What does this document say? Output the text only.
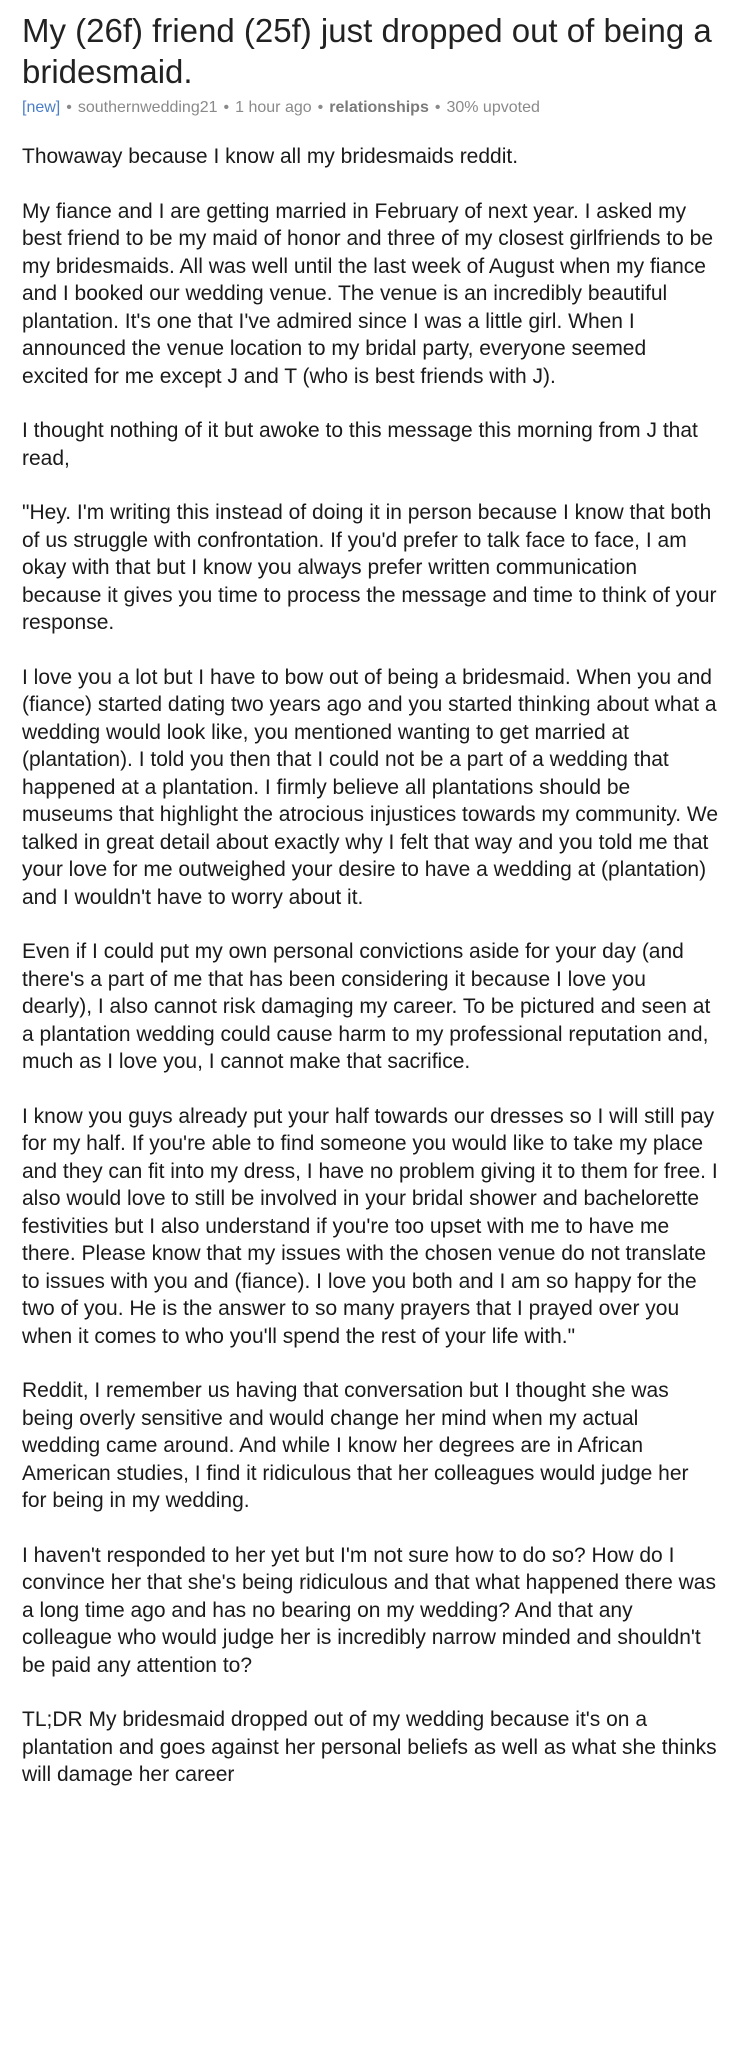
My (26f) friend (25f) just dropped out of being a bridesmaid.
[new] • southernwedding21 • 1 hour ago • relationships • 30% upvoted

Thowaway because I know all my bridesmaids reddit.

My fiance and I are getting married in February of next year. I asked my best friend to be my maid of honor and three of my closest girlfriends to be my bridesmaids. All was well until the last week of August when my fiance and I booked our wedding venue. The venue is an incredibly beautiful plantation. It's one that I've admired since I was a little girl. When I announced the venue location to my bridal party, everyone seemed excited for me except J and T (who is best friends with J).

I thought nothing of it but awoke to this message this morning from J that read,

"Hey. I'm writing this instead of doing it in person because I know that both of us struggle with confrontation. If you'd prefer to talk face to face, I am okay with that but I know you always prefer written communication because it gives you time to process the message and time to think of your response.

I love you a lot but I have to bow out of being a bridesmaid. When you and (fiance) started dating two years ago and you started thinking about what a wedding would look like, you mentioned wanting to get married at (plantation). I told you then that I could not be a part of a wedding that happened at a plantation. I firmly believe all plantations should be museums that highlight the atrocious injustices towards my community. We talked in great detail about exactly why I felt that way and you told me that your love for me outweighed your desire to have a wedding at (plantation) and I wouldn't have to worry about it.

Even if I could put my own personal convictions aside for your day (and there's a part of me that has been considering it because I love you dearly), I also cannot risk damaging my career. To be pictured and seen at a plantation wedding could cause harm to my professional reputation and, much as I love you, I cannot make that sacrifice.

I know you guys already put your half towards our dresses so I will still pay for my half. If you're able to find someone you would like to take my place and they can fit into my dress, I have no problem giving it to them for free. I also would love to still be involved in your bridal shower and bachelorette festivities but I also understand if you're too upset with me to have me there. Please know that my issues with the chosen venue do not translate to issues with you and (fiance). I love you both and I am so happy for the two of you. He is the answer to so many prayers that I prayed over you when it comes to who you'll spend the rest of your life with."

Reddit, I remember us having that conversation but I thought she was being overly sensitive and would change her mind when my actual wedding came around. And while I know her degrees are in African American studies, I find it ridiculous that her colleagues would judge her for being in my wedding.

I haven't responded to her yet but I'm not sure how to do so? How do I convince her that she's being ridiculous and that what happened there was a long time ago and has no bearing on my wedding? And that any colleague who would judge her is incredibly narrow minded and shouldn't be paid any attention to?

TL;DR My bridesmaid dropped out of my wedding because it's on a plantation and goes against her personal beliefs as well as what she thinks will damage her career
